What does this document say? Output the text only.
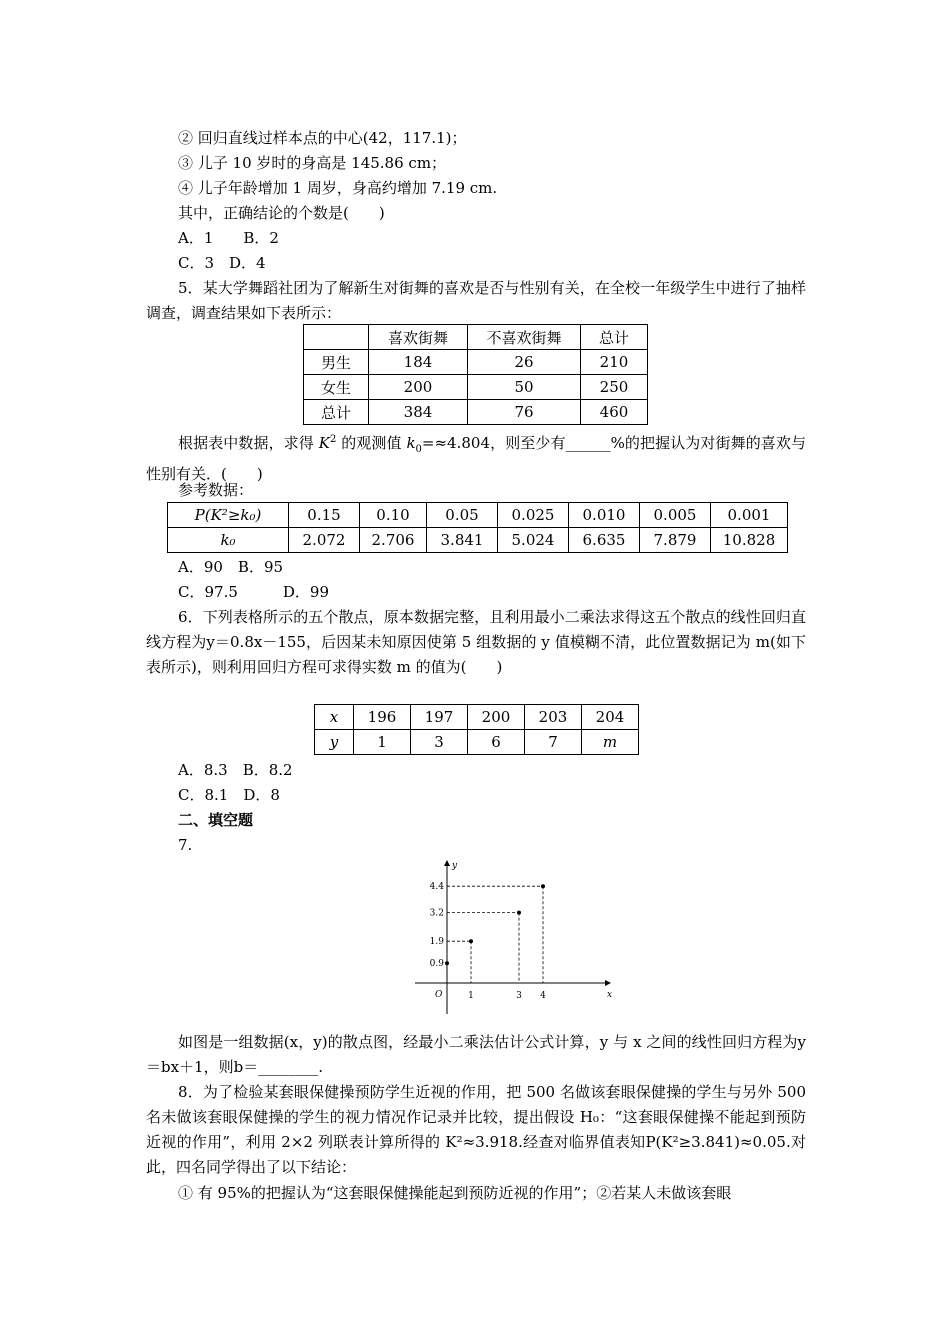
② 回归直线过样本点的中心(42，117.1)；
③ 儿子 10 岁时的身高是 145.86 cm；
④ 儿子年龄增加 1 周岁，身高约增加 7.19 cm.
其中，正确结论的个数是(　　)
A．1　　B．2
C．3　D．4
5．某大学舞蹈社团为了解新生对街舞的喜欢是否与性别有关，在全校一年级学生中进行了抽样调查，调查结果如下表所示：
	喜欢街舞	不喜欢街舞	总计
男生	184	26	210
女生	200	50	250
总计	384	76	460
根据表中数据，求得 $K^2$ 的观测值 $k_0=\approx 4.804$，则至少有______%的把握认为对街舞的喜欢与性别有关．(　　)
参考数据：
P(K²≥k₀)	0.15	0.10	0.05	0.025	0.010	0.005	0.001
k₀	2.072	2.706	3.841	5.024	6.635	7.879	10.828
A．90　B．95
C．97.5　　　D．99
6．下列表格所示的五个散点，原本数据完整，且利用最小二乘法求得这五个散点的线性回归直线方程为y＝0.8x－155，后因某未知原因使第 5 组数据的 y 值模糊不清，此位置数据记为 m(如下表所示)，则利用回归方程可求得实数 m 的值为(　　)
x	196	197	200	203	204
y	1	3	6	7	m
A．8.3　B．8.2
C．8.1　D．8
二、填空题
7.
x
y
O
0.9
1.9
3.2
4.4
1	3 4
如图是一组数据(x，y)的散点图，经最小二乘法估计公式计算，y 与 x 之间的线性回归方程为y＝bx＋1，则b＝________.
8．为了检验某套眼保健操预防学生近视的作用，把 500 名做该套眼保健操的学生与另外 500 名未做该套眼保健操的学生的视力情况作记录并比较，提出假设 H₀：“这套眼保健操不能起到预防近视的作用”，利用 2×2 列联表计算所得的 K²≈3.918.经查对临界值表知P(K²≥3.841)≈0.05.对此，四名同学得出了以下结论：
① 有 95%的把握认为“这套眼保健操能起到预防近视的作用”；②若某人未做该套眼
